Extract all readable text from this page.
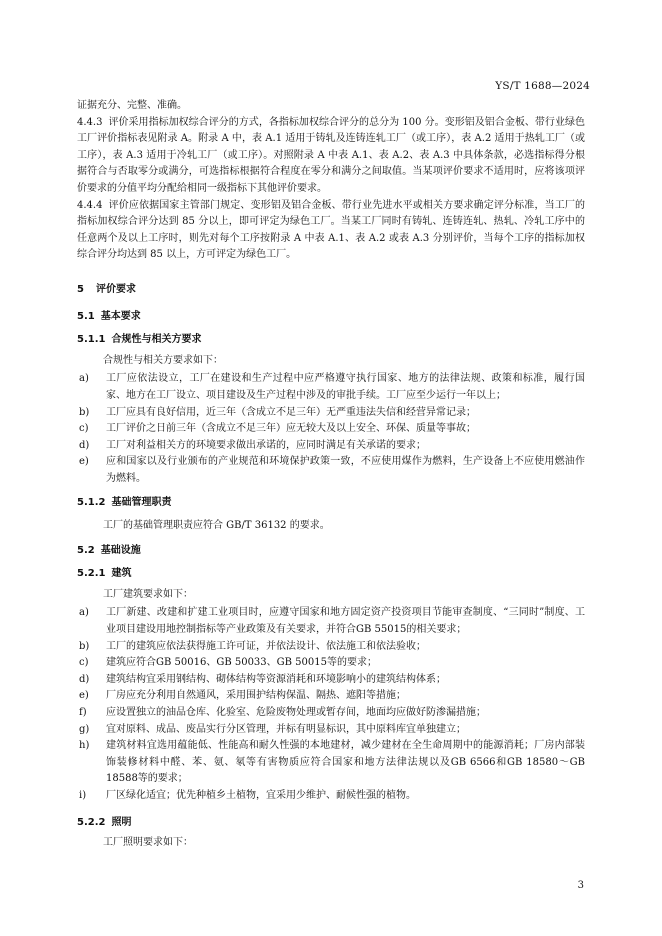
YS/T 1688—2024

证据充分、完整、准确。

4.4.3 评价采用指标加权综合评分的方式，各指标加权综合评分的总分为 100 分。变形铝及铝合金板、带行业绿色工厂评价指标表见附录 A。附录 A 中，表 A.1 适用于铸轧及连铸连轧工厂（或工序），表 A.2 适用于热轧工厂（或工序），表 A.3 适用于冷轧工厂（或工序）。对照附录 A 中表 A.1、表 A.2、表 A.3 中具体条款，必选指标得分根据符合与否取零分或满分，可选指标根据符合程度在零分和满分之间取值。当某项评价要求不适用时，应将该项评价要求的分值平均分配给相同一级指标下其他评价要求。

4.4.4 评价应依据国家主管部门规定、变形铝及铝合金板、带行业先进水平或相关方要求确定评分标准，当工厂的指标加权综合评分达到 85 分以上，即可评定为绿色工厂。当某工厂同时有铸轧、连铸连轧、热轧、冷轧工序中的任意两个及以上工序时，则先对每个工序按附录 A 中表 A.1、表 A.2 或表 A.3 分别评价，当每个工序的指标加权综合评分均达到 85 以上，方可评定为绿色工厂。

5 评价要求
5.1 基本要求
5.1.1 合规性与相关方要求

合规性与相关方要求如下：

a)	工厂应依法设立，工厂在建设和生产过程中应严格遵守执行国家、地方的法律法规、政策和标准，履行国家、地方在工厂设立、项目建设及生产过程中涉及的审批手续。工厂应至少运行一年以上；
b)	工厂应具有良好信用，近三年（含成立不足三年）无严重违法失信和经营异常记录；
c)	工厂评价之日前三年（含成立不足三年）应无较大及以上安全、环保、质量等事故；
d)	工厂对利益相关方的环境要求做出承诺的，应同时满足有关承诺的要求；
e)	应和国家以及行业颁布的产业规范和环境保护政策一致，不应使用煤作为燃料，生产设备上不应使用燃油作为燃料。
5.1.2 基础管理职责

工厂的基础管理职责应符合 GB/T 36132 的要求。

5.2 基础设施
5.2.1 建筑

工厂建筑要求如下：

a)	工厂新建、改建和扩建工业项目时，应遵守国家和地方固定资产投资项目节能审查制度、“三同时”制度、工业项目建设用地控制指标等产业政策及有关要求，并符合GB 55015的相关要求；
b)	工厂的建筑应依法获得施工许可证，并依法设计、依法施工和依法验收；
c)	建筑应符合GB 50016、GB 50033、GB 50015等的要求；
d)	建筑结构宜采用钢结构、砌体结构等资源消耗和环境影响小的建筑结构体系；
e)	厂房应充分利用自然通风，采用围护结构保温、隔热、遮阳等措施；
f)	应设置独立的油品仓库、化验室、危险废物处理或暂存间，地面均应做好防渗漏措施；
g)	宜对原料、成品、废品实行分区管理，并标有明显标识，其中原料库宜单独建立；
h)	建筑材料宜选用蕴能低、性能高和耐久性强的本地建材，减少建材在全生命周期中的能源消耗；厂房内部装饰装修材料中醛、苯、氨、氡等有害物质应符合国家和地方法律法规以及GB 6566和GB 18580～GB 18588等的要求；
i)	厂区绿化适宜；优先种植乡土植物，宜采用少维护、耐候性强的植物。
5.2.2 照明

工厂照明要求如下：

3
